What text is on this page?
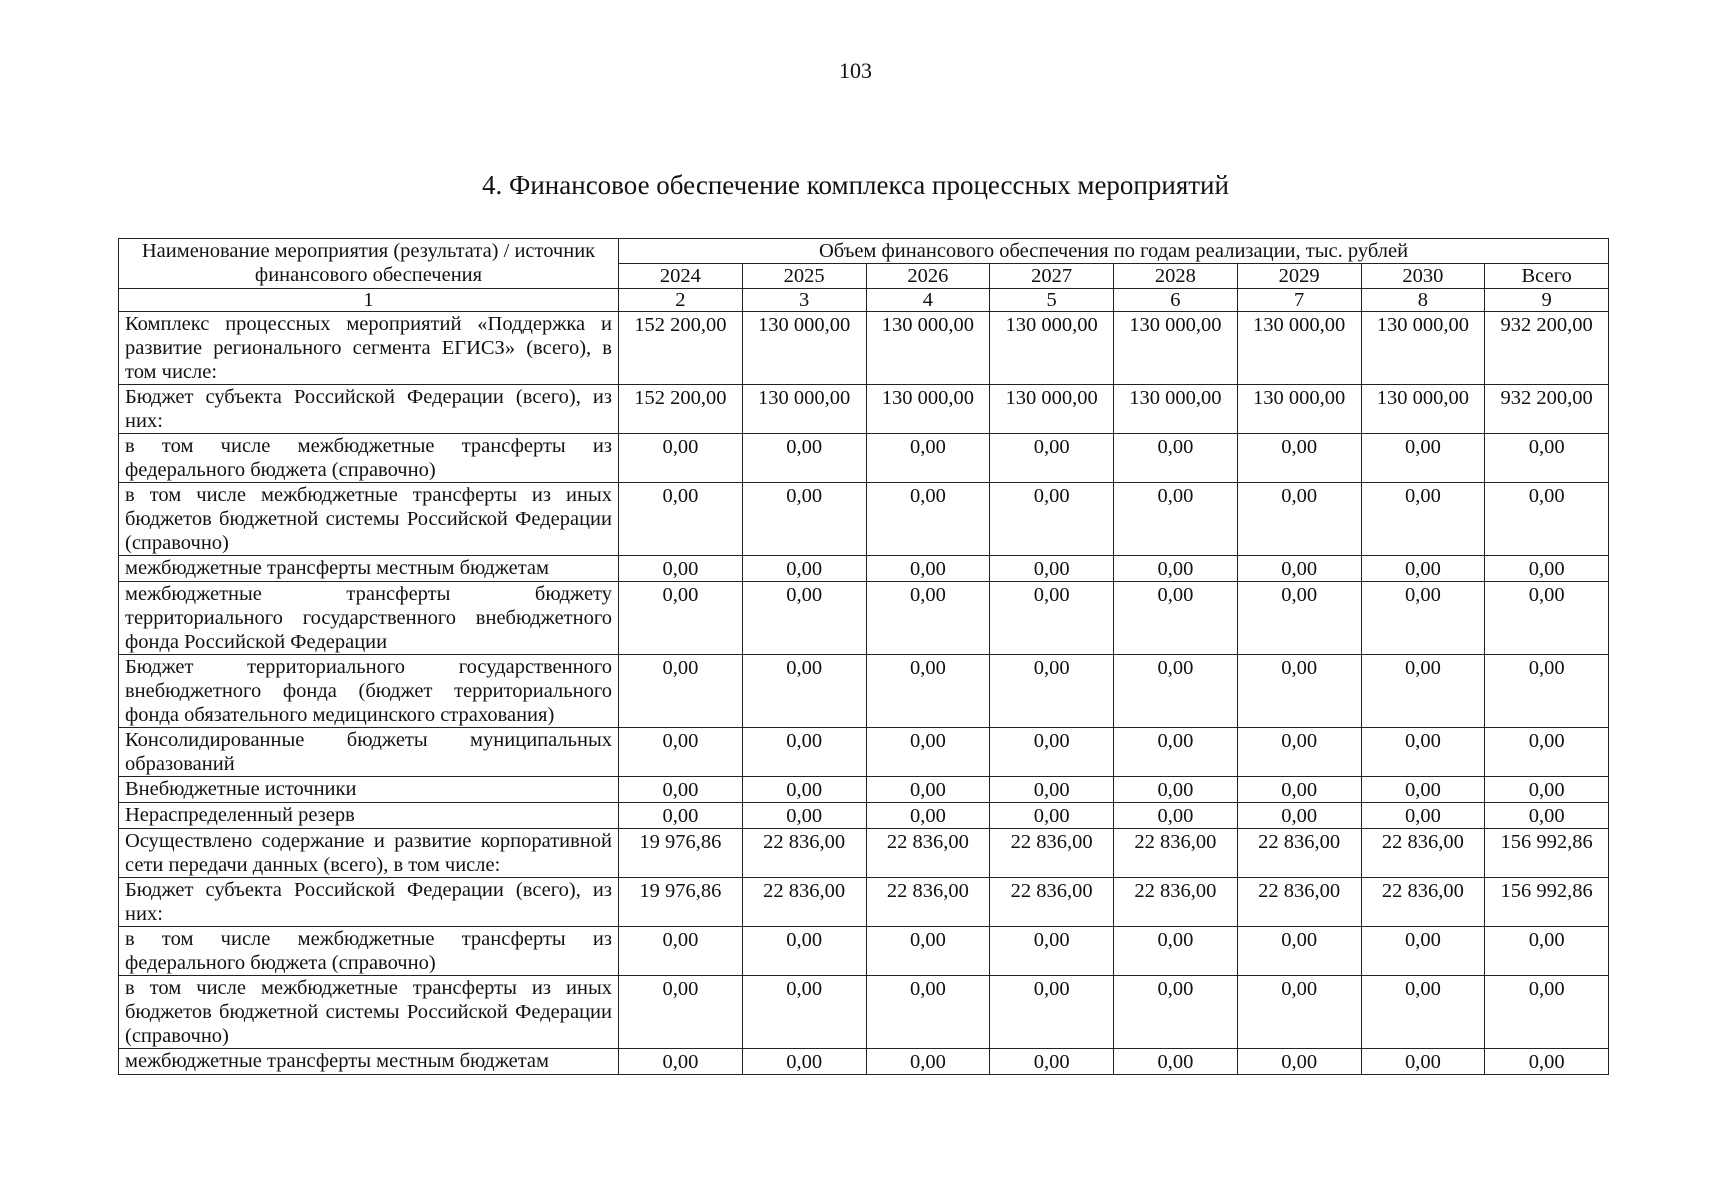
103
4. Финансовое обеспечение комплекса процессных мероприятий
Наименование мероприятия (результата) / источник финансового обеспечения	Объем финансового обеспечения по годам реализации, тыс. рублей							
	2024	2025	2026	2027	2028	2029	2030	Всего
1	2	3	4	5	6	7	8	9
Комплекс процессных мероприятий «Поддержка и развитие регионального сегмента ЕГИСЗ» (всего), в том числе:	152 200,00	130 000,00	130 000,00	130 000,00	130 000,00	130 000,00	130 000,00	932 200,00
Бюджет субъекта Российской Федерации (всего), из них:	152 200,00	130 000,00	130 000,00	130 000,00	130 000,00	130 000,00	130 000,00	932 200,00
в том числе межбюджетные трансферты из федерального бюджета (справочно)	0,00	0,00	0,00	0,00	0,00	0,00	0,00	0,00
в том числе межбюджетные трансферты из иных бюджетов бюджетной системы Российской Федерации (справочно)	0,00	0,00	0,00	0,00	0,00	0,00	0,00	0,00
межбюджетные трансферты местным бюджетам	0,00	0,00	0,00	0,00	0,00	0,00	0,00	0,00
межбюджетные трансферты бюджету территориального государственного внебюджетного фонда Российской Федерации	0,00	0,00	0,00	0,00	0,00	0,00	0,00	0,00
Бюджет территориального государственного внебюджетного фонда (бюджет территориального фонда обязательного медицинского страхования)	0,00	0,00	0,00	0,00	0,00	0,00	0,00	0,00
Консолидированные бюджеты муниципальных образований	0,00	0,00	0,00	0,00	0,00	0,00	0,00	0,00
Внебюджетные источники	0,00	0,00	0,00	0,00	0,00	0,00	0,00	0,00
Нераспределенный резерв	0,00	0,00	0,00	0,00	0,00	0,00	0,00	0,00
Осуществлено содержание и развитие корпоративной сети передачи данных (всего), в том числе:	19 976,86	22 836,00	22 836,00	22 836,00	22 836,00	22 836,00	22 836,00	156 992,86
Бюджет субъекта Российской Федерации (всего), из них:	19 976,86	22 836,00	22 836,00	22 836,00	22 836,00	22 836,00	22 836,00	156 992,86
в том числе межбюджетные трансферты из федерального бюджета (справочно)	0,00	0,00	0,00	0,00	0,00	0,00	0,00	0,00
в том числе межбюджетные трансферты из иных бюджетов бюджетной системы Российской Федерации (справочно)	0,00	0,00	0,00	0,00	0,00	0,00	0,00	0,00
межбюджетные трансферты местным бюджетам	0,00	0,00	0,00	0,00	0,00	0,00	0,00	0,00
